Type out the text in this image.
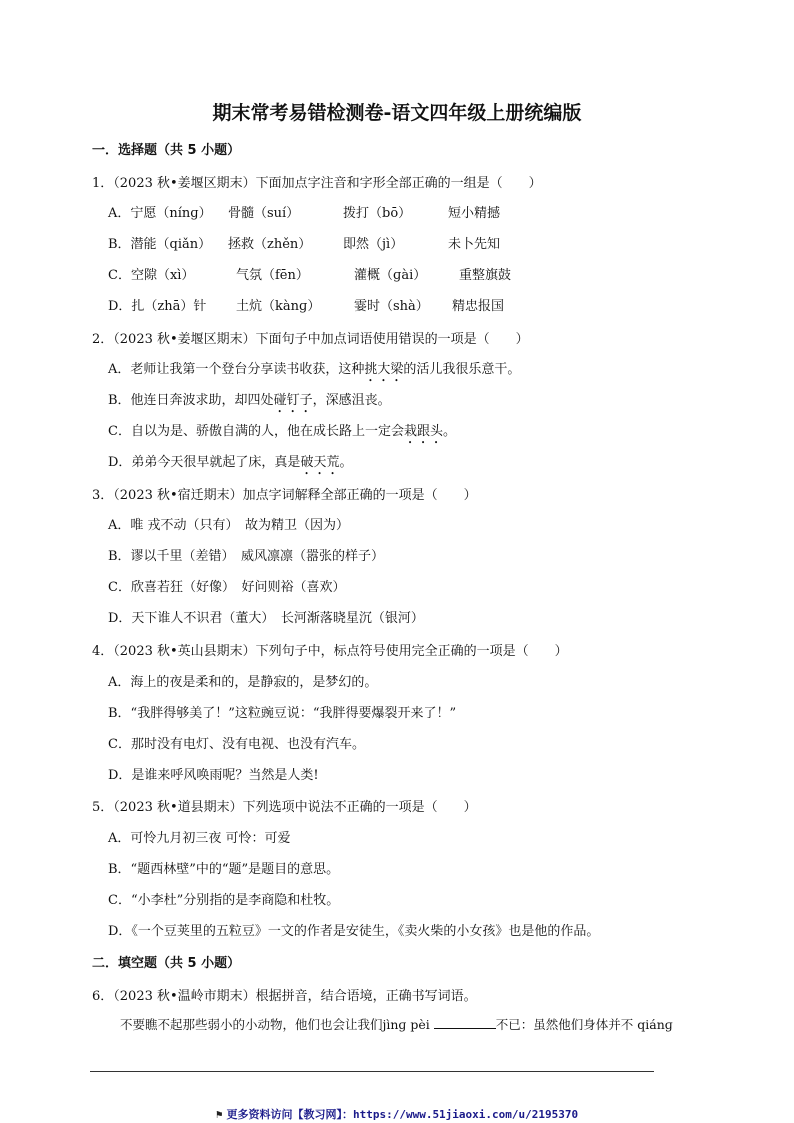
期末常考易错检测卷-语文四年级上册统编版
一．选择题（共 5 小题）
1．（2023 秋•姜堰区期末）下面加点字注音和字形全部正确的一组是（　　）
A．宁愿（nínɡ） 骨髓（suí）	拨打（bō）	短小精撼
B．潜能（qiǎn） 拯救（zhěn） 即然（jì）	未卜先知
C．空隙（xì）	气氛（fēn）	灌概（ɡài）	重整旗鼓
D．扎（zhā）针 土炕（kànɡ）	霎时（shà） 精忠报国
2．（2023 秋•姜堰区期末）下面句子中加点词语使用错误的一项是（　　）
A．老师让我第一个登台分享读书收获，这种挑大梁的活儿我很乐意干。
B．他连日奔波求助，却四处碰钉子，深感沮丧。
C．自以为是、骄傲自满的人，他在成长路上一定会栽跟头。
D．弟弟今天很早就起了床，真是破天荒。
3．（2023 秋•宿迁期末）加点字词解释全部正确的一项是（　　）
A．唯 戎不动（只有）　故为精卫（因为）
B．谬以千里（差错）　威风凛凛（嚣张的样子）
C．欣喜若狂（好像）　好问则裕（喜欢）
D．天下谁人不识君（董大）　长河渐落晓星沉（银河）
4．（2023 秋•英山县期末）下列句子中，标点符号使用完全正确的一项是（　　）
A．海上的夜是柔和的，是静寂的，是梦幻的。
B．“我胖得够美了！”这粒豌豆说：“我胖得要爆裂开来了！”
C．那时没有电灯、没有电视、也没有汽车。
D．是谁来呼风唤雨呢？当然是人类!
5．（2023 秋•道县期末）下列选项中说法不正确的一项是（　　）
A．可怜九月初三夜 可怜：可爱
B．“题西林壁”中的“题”是题目的意思。
C．“小李杜”分别指的是李商隐和杜牧。
D．《一个豆荚里的五粒豆》一文的作者是安徒生，《卖火柴的小女孩》也是他的作品。
二．填空题（共 5 小题）
6．（2023 秋•温岭市期末）根据拼音，结合语境，正确书写词语。
不要瞧不起那些弱小的小动物，他们也会让我们jìnɡ pèi	不已：虽然他们身体并不 qiánɡ
⚑ 更多资料访问【教习网】：https://www.51jiaoxi.com/u/2195370
